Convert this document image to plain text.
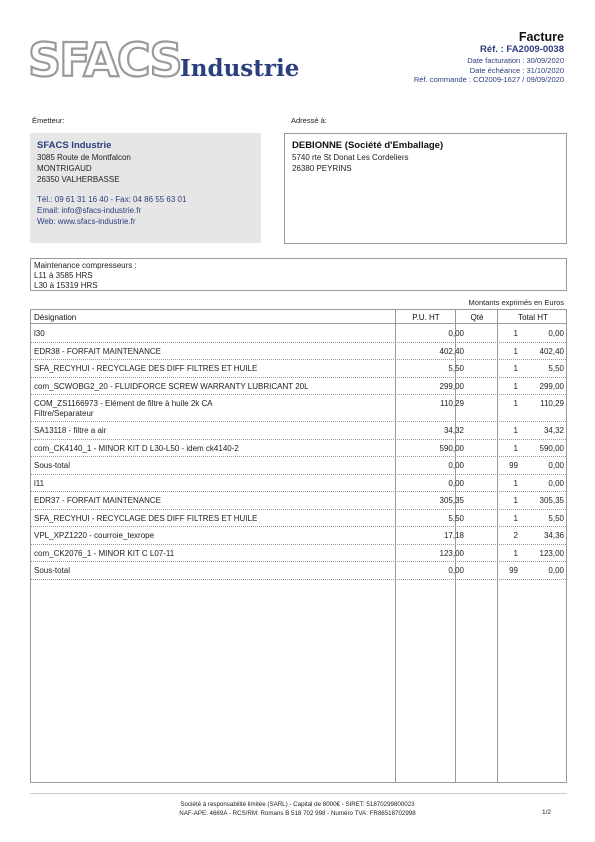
SFACS Industrie
Facture
Réf. : FA2009-0038
Date facturation : 30/09/2020
Date échéance : 31/10/2020
Réf. commande : CO2009-1627 / 09/09/2020
Émetteur:	Adressé à:
SFACS Industrie
3085 Route de Montfalcon
MONTRIGAUD
26350 VALHERBASSE
Tél.: 09 61 31 16 40 - Fax: 04 86 55 63 01
Email: info@sfacs-industrie.fr
Web: www.sfacs-industrie.fr
DEBIONNE (Société d'Emballage)
5740 rte St Donat Les Cordeliers
26380 PEYRINS
Maintenance compresseurs :
L11 à 3585 HRS
L30 à 15319 HRS
Montants exprimés en Euros
Désignation	P.U. HT	Qté	Total HT
l30	0,00	1	0,00
EDR38 - FORFAIT MAINTENANCE	402,40	1	402,40
SFA_RECYHUI - RECYCLAGE DES DIFF FILTRES ET HUILE	5,50	1	5,50
com_SCWOBG2_20 - FLUIDFORCE SCREW WARRANTY LUBRICANT 20L	299,00	1	299,00
COM_ZS1166973 - Elément de filtre à huile 2k CA	110,29	1	110,29
Filtre/Separateur
SA13118 - filtre a air	34,32	1	34,32
com_CK4140_1 - MINOR KIT D L30-L50 - idem ck4140-2	590,00	1	590,00
Sous-total	0,00	99	0,00
l11	0,00	1	0,00
EDR37 - FORFAIT MAINTENANCE	305,35	1	305,35
SFA_RECYHUI - RECYCLAGE DES DIFF FILTRES ET HUILE	5,50	1	5,50
VPL_XPZ1220 - courroie_texrope	17,18	2	34,36
com_CK2076_1 - MINOR KIT C L07-11	123,00	1	123,00
Sous-total	0,00	99	0,00
Société à responsabilité limitée (SARL) - Capital de 8000€ - SIRET: 51870299800023
NAF-APE: 4669A - RCS/RM: Romans B 518 702 998 - Numéro TVA: FR86518702998	1/2
